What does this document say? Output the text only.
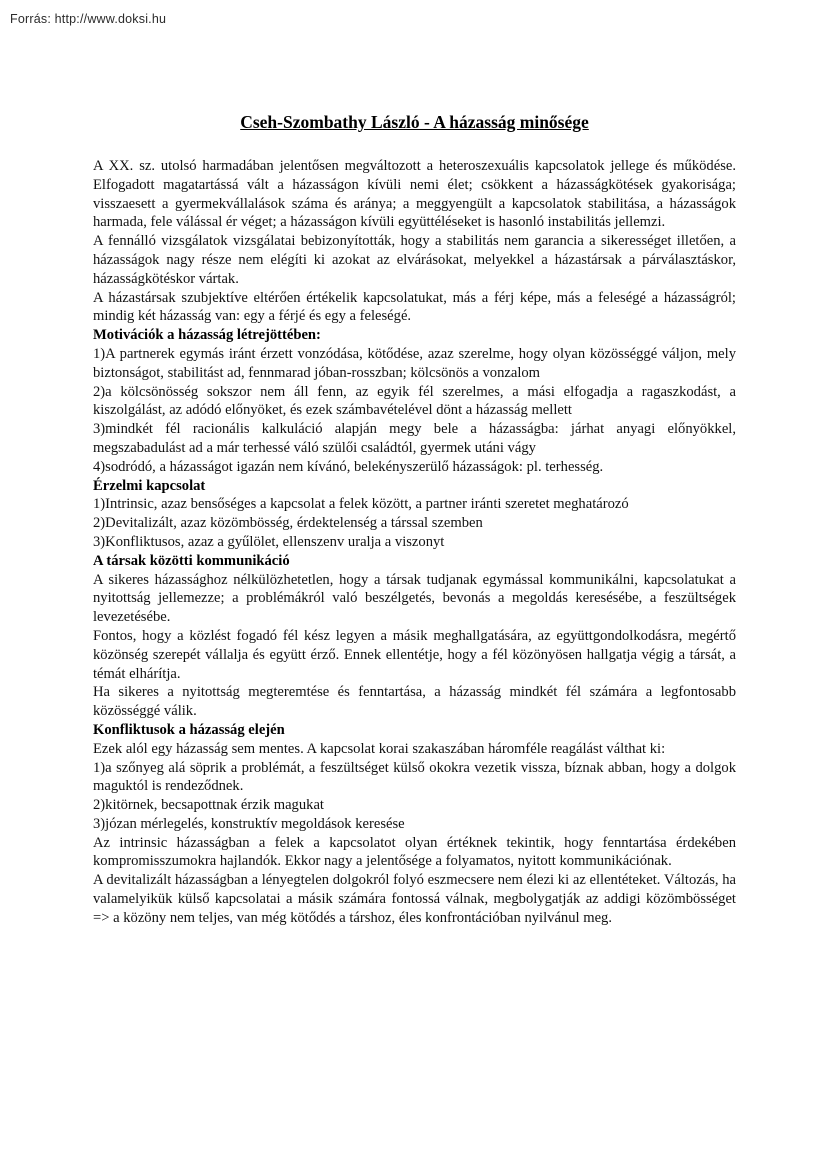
Forrás: http://www.doksi.hu
Cseh-Szombathy László - A házasság minősége

A XX. sz. utolsó harmadában jelentősen megváltozott a heteroszexuális kapcsolatok jellege és működése. Elfogadott magatartássá vált a házasságon kívüli nemi élet; csökkent a házasságkötések gyakorisága; visszaesett a gyermekvállalások száma és aránya; a meggyengült a kapcsolatok stabilitása, a házasságok harmada, fele válással ér véget; a házasságon kívüli együttéléseket is hasonló instabilitás jellemzi.

A fennálló vizsgálatok vizsgálatai bebizonyították, hogy a stabilitás nem garancia a sikerességet illetően, a házasságok nagy része nem elégíti ki azokat az elvárásokat, melyekkel a házastársak a párválasztáskor, házasságkötéskor vártak.

A házastársak szubjektíve eltérően értékelik kapcsolatukat, más a férj képe, más a feleségé a házasságról; mindig két házasság van: egy a férjé és egy a feleségé.

Motivációk a házasság létrejöttében:

1)A partnerek egymás iránt érzett vonzódása, kötődése, azaz szerelme, hogy olyan közösséggé váljon, mely biztonságot, stabilitást ad, fennmarad jóban-rosszban; kölcsönös a vonzalom

2)a kölcsönösség sokszor nem áll fenn, az egyik fél szerelmes, a mási elfogadja a ragaszkodást, a kiszolgálást, az adódó előnyöket, és ezek számbavételével dönt a házasság mellett

3)mindkét fél racionális kalkuláció alapján megy bele a házasságba: járhat anyagi előnyökkel, megszabadulást ad a már terhessé váló szülői családtól, gyermek utáni vágy

4)sodródó, a házasságot igazán nem kívánó, belekényszerülő házasságok: pl. terhesség.

Érzelmi kapcsolat

1)Intrinsic, azaz bensőséges a kapcsolat a felek között, a partner iránti szeretet meghatározó

2)Devitalizált, azaz közömbösség, érdektelenség a társsal szemben

3)Konfliktusos, azaz a gyűlölet, ellenszenv uralja a viszonyt

A társak közötti kommunikáció

A sikeres házassághoz nélkülözhetetlen, hogy a társak tudjanak egymással kommunikálni, kapcsolatukat a nyitottság jellemezze; a problémákról való beszélgetés, bevonás a megoldás keresésébe, a feszültségek levezetésébe.

Fontos, hogy a közlést fogadó fél kész legyen a másik meghallgatására, az együttgondolkodásra, megértő közönség szerepét vállalja és együtt érző. Ennek ellentétje, hogy a fél közönyösen hallgatja végig a társát, a témát elhárítja.

Ha sikeres a nyitottság megteremtése és fenntartása, a házasság mindkét fél számára a legfontosabb közösséggé válik.

Konfliktusok a házasság elején

Ezek alól egy házasság sem mentes. A kapcsolat korai szakaszában háromféle reagálást válthat ki:

1)a szőnyeg alá söprik a problémát, a feszültséget külső okokra vezetik vissza, bíznak abban, hogy a dolgok maguktól is rendeződnek.

2)kitörnek, becsapottnak érzik magukat

3)józan mérlegelés, konstruktív megoldások keresése

Az intrinsic házasságban a felek a kapcsolatot olyan értéknek tekintik, hogy fenntartása érdekében kompromisszumokra hajlandók. Ekkor nagy a jelentősége a folyamatos, nyitott kommunikációnak.

A devitalizált házasságban a lényegtelen dolgokról folyó eszmecsere nem élezi ki az ellentéteket. Változás, ha valamelyikük külső kapcsolatai a másik számára fontossá válnak, megbolygatják az addigi közömbösséget => a közöny nem teljes, van még kötődés a társhoz, éles konfrontációban nyilvánul meg.
